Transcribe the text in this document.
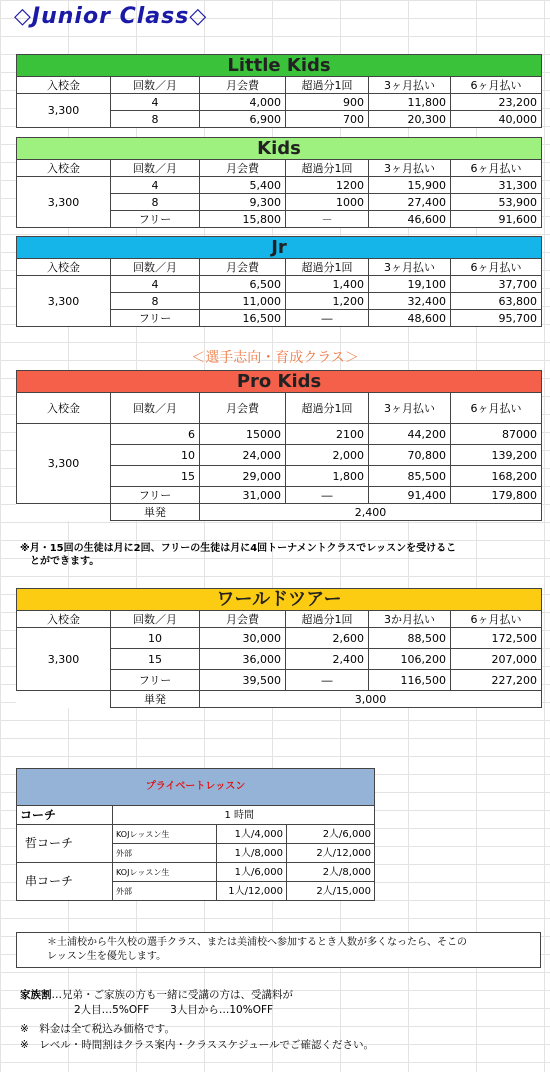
◇Junior Class◇
Little Kids					
入校金	回数／月	月会費	超過分1回	3ヶ月払い	6ヶ月払い
3,300	4	4,000	900	11,800	23,200
	8	6,900	700	20,300	40,000
Kids					
入校金	回数／月	月会費	超過分1回	3ヶ月払い	6ヶ月払い
3,300	4	5,400	1200	15,900	31,300
	8	9,300	1000	27,400	53,900
	フリー	15,800	－	46,600	91,600
Jr					
入校金	回数／月	月会費	超過分1回	3ヶ月払い	6ヶ月払い
3,300	4	6,500	1,400	19,100	37,700
	8	11,000	1,200	32,400	63,800
	フリー	16,500	―	48,600	95,700
＜選手志向・育成クラス＞
Pro Kids					
入校金	回数／月	月会費	超過分1回	3ヶ月払い	6ヶ月払い
3,300	6	15000	2100	44,200	87000
	10	24,000	2,000	70,800	139,200
	15	29,000	1,800	85,500	168,200
	フリー	31,000	―	91,400	179,800
	単発	2,400			
※月・15回の生徒は月に2回、フリーの生徒は月に4回トーナメントクラスでレッスンを受けるこ
　とができます。
ワールドツアー					
入校金	回数／月	月会費	超過分1回	3か月払い	6ヶ月払い
3,300	10	30,000	2,600	88,500	172,500
	15	36,000	2,400	106,200	207,000
	フリー	39,500	―	116,500	227,200
	単発	3,000			
プライベートレッスン			
コーチ		1 時間	
哲コーチ	KOJレッスン生	1人/4,000	2人/6,000
	外部	1人/8,000	2人/12,000
串コーチ	KOJレッスン生	1人/6,000	2人/8,000
	外部	1人/12,000	2人/15,000
＊土浦校から牛久校の選手クラス、または美浦校へ参加するとき人数が多くなったら、そこの
レッスン生を優先します。
家族割…兄弟・ご家族の方も一緒に受講の方は、受講料が
2人目…5%OFF　　3人目から…10%OFF
※　料金は全て税込み価格です。
※　レベル・時間割はクラス案内・クラススケジュールでご確認ください。
